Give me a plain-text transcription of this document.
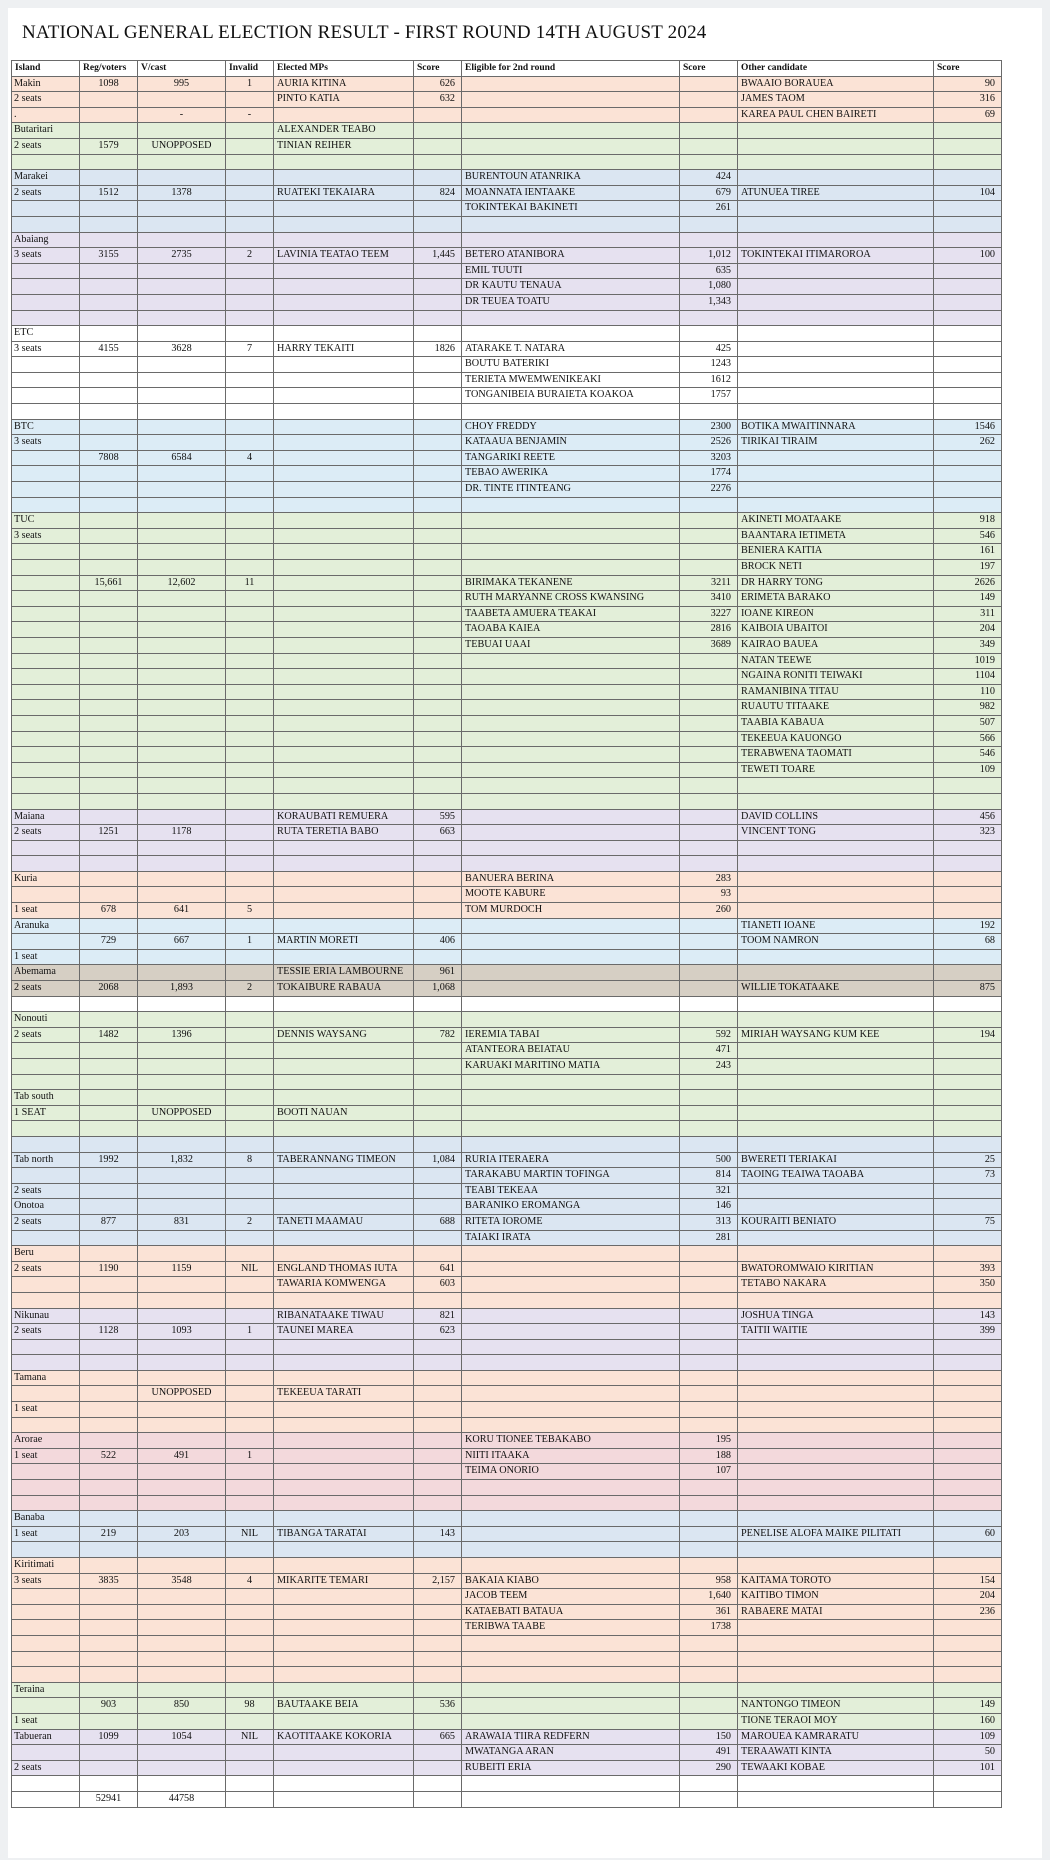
NATIONAL GENERAL ELECTION RESULT - FIRST ROUND 14TH AUGUST 2024
Island	Reg/voters	V/cast	Invalid	Elected MPs	Score	Eligible for 2nd round	Score	Other candidate	Score
Makin	1098	995	1	AURIA KITINA	626			BWAAIO BORAUEA	90
2 seats				PINTO KATIA	632			JAMES TAOM	316
.		-	-					KAREA PAUL CHEN BAIRETI	69
Butaritari				ALEXANDER TEABO					
2 seats	1579	UNOPPOSED		TINIAN REIHER					

Marakei						BURENTOUN ATANRIKA	424		
2 seats	1512	1378		RUATEKI TEKAIARA	824	MOANNATA IENTAAKE	679	ATUNUEA TIREE	104
						TOKINTEKAI BAKINETI	261		

Abaiang									
3 seats	3155	2735	2	LAVINIA TEATAO TEEM	1,445	BETERO ATANIBORA	1,012	TOKINTEKAI ITIMAROROA	100
						EMIL TUUTI	635		
						DR KAUTU TENAUA	1,080		
						DR TEUEA TOATU	1,343		

ETC									
3 seats	4155	3628	7	HARRY TEKAITI	1826	ATARAKE T. NATARA	425		
						BOUTU BATERIKI	1243		
						TERIETA MWEMWENIKEAKI	1612		
						TONGANIBEIA BURAIETA KOAKOA	1757		

BTC						CHOY FREDDY	2300	BOTIKA MWAITINNARA	1546
3 seats						KATAAUA BENJAMIN	2526	TIRIKAI TIRAIM	262
	7808	6584	4			TANGARIKI REETE	3203		
						TEBAO AWERIKA	1774		
						DR. TINTE ITINTEANG	2276		

TUC								AKINETI MOATAAKE	918
3 seats								BAANTARA IETIMETA	546
								BENIERA KAITIA	161
								BROCK NETI	197
	15,661	12,602	11			BIRIMAKA TEKANENE	3211	DR HARRY TONG	2626
						RUTH MARYANNE CROSS KWANSING	3410	ERIMETA BARAKO	149
						TAABETA AMUERA TEAKAI	3227	IOANE KIREON	311
						TAOABA KAIEA	2816	KAIBOIA UBAITOI	204
						TEBUAI UAAI	3689	KAIRAO BAUEA	349
								NATAN TEEWE	1019
								NGAINA RONITI TEIWAKI	1104
								RAMANIBINA TITAU	110
								RUAUTU TITAAKE	982
								TAABIA KABAUA	507
								TEKEEUA KAUONGO	566
								TERABWENA TAOMATI	546
								TEWETI TOARE	109

Maiana				KORAUBATI REMUERA	595			DAVID COLLINS	456
2 seats	1251	1178		RUTA TERETIA BABO	663			VINCENT TONG	323

Kuria						BANUERA BERINA	283		
						MOOTE KABURE	93		
1 seat	678	641	5			TOM MURDOCH	260		
Aranuka								TIANETI IOANE	192
	729	667	1	MARTIN MORETI	406			TOOM NAMRON	68
1 seat									
Abemama				TESSIE ERIA LAMBOURNE	961				
2 seats	2068	1,893	2	TOKAIBURE RABAUA	1,068			WILLIE TOKATAAKE	875

Nonouti									
2 seats	1482	1396		DENNIS WAYSANG	782	IEREMIA TABAI	592	MIRIAH WAYSANG KUM KEE	194
						ATANTEORA BEIATAU	471		
						KARUAKI MARITINO MATIA	243		

Tab south									
1 SEAT		UNOPPOSED		BOOTI NAUAN					

Tab north	1992	1,832	8	TABERANNANG TIMEON	1,084	RURIA ITERAERA	500	BWERETI TERIAKAI	25
						TARAKABU MARTIN TOFINGA	814	TAOING TEAIWA TAOABA	73
2 seats						TEABI TEKEAA	321		
Onotoa						BARANIKO EROMANGA	146		
2 seats	877	831	2	TANETI MAAMAU	688	RITETA IOROME	313	KOURAITI BENIATO	75
						TAIAKI IRATA	281		
Beru									
2 seats	1190	1159	NIL	ENGLAND THOMAS IUTA	641			BWATOROMWAIO KIRITIAN	393
				TAWARIA KOMWENGA	603			TETABO NAKARA	350

Nikunau				RIBANATAAKE TIWAU	821			JOSHUA TINGA	143
2 seats	1128	1093	1	TAUNEI MAREA	623			TAITII WAITIE	399

Tamana									
		UNOPPOSED		TEKEEUA TARATI					
1 seat									

Arorae						KORU TIONEE TEBAKABO	195		
1 seat	522	491	1			NIITI ITAAKA	188		
						TEIMA ONORIO	107		

Banaba									
1 seat	219	203	NIL	TIBANGA TARATAI	143			PENELISE ALOFA MAIKE PILITATI	60

Kiritimati									
3 seats	3835	3548	4	MIKARITE TEMARI	2,157	BAKAIA KIABO	958	KAITAMA TOROTO	154
						JACOB TEEM	1,640	KAITIBO TIMON	204
						KATAEBATI BATAUA	361	RABAERE MATAI	236
						TERIBWA TAABE	1738		

Teraina									
	903	850	98	BAUTAAKE BEIA	536			NANTONGO TIMEON	149
1 seat								TIONE TERAOI MOY	160
Tabueran	1099	1054	NIL	KAOTITAAKE KOKORIA	665	ARAWAIA TIIRA REDFERN	150	MAROUEA KAMRARATU	109
						MWATANGA ARAN	491	TERAAWATI KINTA	50
2 seats						RUBEITI ERIA	290	TEWAAKI KOBAE	101

	52941	44758							
